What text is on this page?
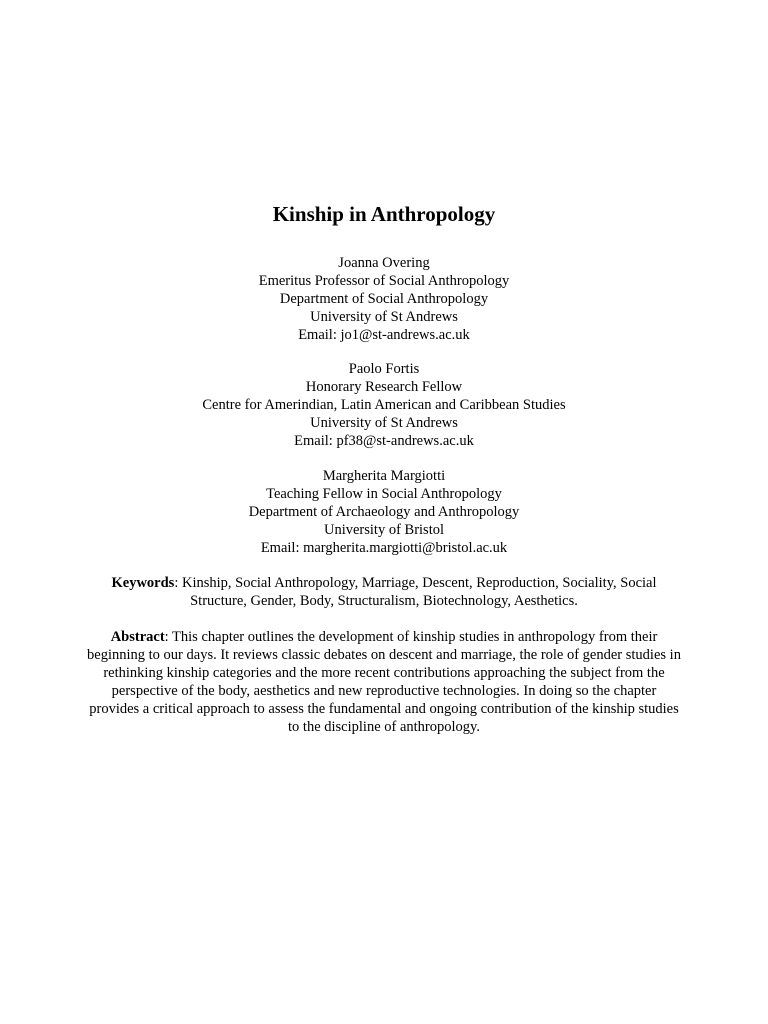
Kinship in Anthropology
Joanna Overing
Emeritus Professor of Social Anthropology
Department of Social Anthropology
University of St Andrews
Email: jo1@st-andrews.ac.uk
Paolo Fortis
Honorary Research Fellow
Centre for Amerindian, Latin American and Caribbean Studies
University of St Andrews
Email: pf38@st-andrews.ac.uk
Margherita Margiotti
Teaching Fellow in Social Anthropology
Department of Archaeology and Anthropology
University of Bristol
Email: margherita.margiotti@bristol.ac.uk

Keywords: Kinship, Social Anthropology, Marriage, Descent, Reproduction, Sociality, Social Structure, Gender, Body, Structuralism, Biotechnology, Aesthetics.

Abstract: This chapter outlines the development of kinship studies in anthropology from their beginning to our days. It reviews classic debates on descent and marriage, the role of gender studies in rethinking kinship categories and the more recent contributions approaching the subject from the perspective of the body, aesthetics and new reproductive technologies. In doing so the chapter provides a critical approach to assess the fundamental and ongoing contribution of the kinship studies to the discipline of anthropology.
